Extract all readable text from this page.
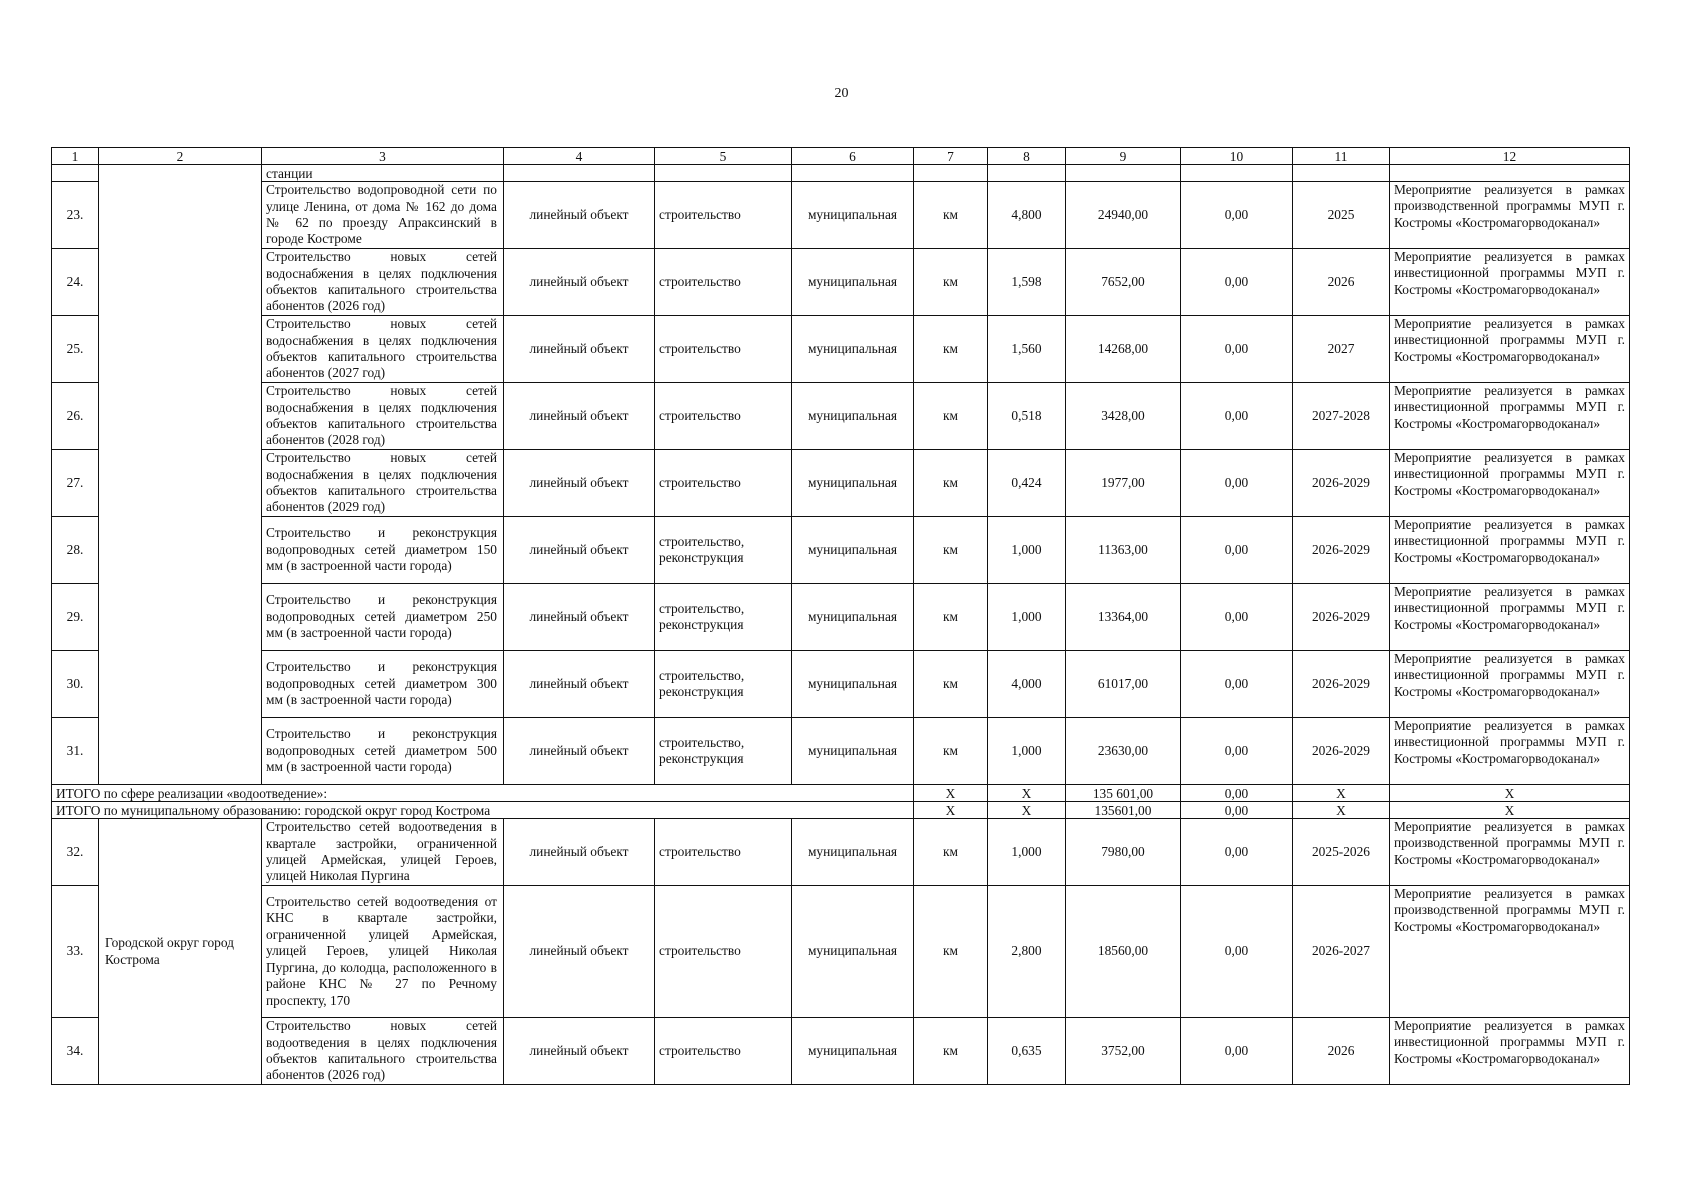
20
1	2	3	4	5	6	7	8	9	10	11	12
		станции									
23.		Строительство водопроводной сети по улице Ленина, от дома № 162 до дома № 62 по проезду Апраксинский в городе Костроме	линейный объект	строительство	муниципальная	км	4,800	24940,00	0,00	2025	Мероприятие реализуется в рамках производственной программы МУП г. Костромы «Костромагорводоканал»
24.		Строительство новых сетей водоснабжения в целях подключения объектов капитального строительства абонентов (2026 год)	линейный объект	строительство	муниципальная	км	1,598	7652,00	0,00	2026	Мероприятие реализуется в рамках инвестиционной программы МУП г. Костромы «Костромагорводоканал»
25.		Строительство новых сетей водоснабжения в целях подключения объектов капитального строительства абонентов (2027 год)	линейный объект	строительство	муниципальная	км	1,560	14268,00	0,00	2027	Мероприятие реализуется в рамках инвестиционной программы МУП г. Костромы «Костромагорводоканал»
26.		Строительство новых сетей водоснабжения в целях подключения объектов капитального строительства абонентов (2028 год)	линейный объект	строительство	муниципальная	км	0,518	3428,00	0,00	2027-2028	Мероприятие реализуется в рамках инвестиционной программы МУП г. Костромы «Костромагорводоканал»
27.		Строительство новых сетей водоснабжения в целях подключения объектов капитального строительства абонентов (2029 год)	линейный объект	строительство	муниципальная	км	0,424	1977,00	0,00	2026-2029	Мероприятие реализуется в рамках инвестиционной программы МУП г. Костромы «Костромагорводоканал»
28.		Строительство и реконструкция водопроводных сетей диаметром 150 мм (в застроенной части города)	линейный объект	строительство, реконструкция	муниципальная	км	1,000	11363,00	0,00	2026-2029	Мероприятие реализуется в рамках инвестиционной программы МУП г. Костромы «Костромагорводоканал»
29.		Строительство и реконструкция водопроводных сетей диаметром 250 мм (в застроенной части города)	линейный объект	строительство, реконструкция	муниципальная	км	1,000	13364,00	0,00	2026-2029	Мероприятие реализуется в рамках инвестиционной программы МУП г. Костромы «Костромагорводоканал»
30.		Строительство и реконструкция водопроводных сетей диаметром 300 мм (в застроенной части города)	линейный объект	строительство, реконструкция	муниципальная	км	4,000	61017,00	0,00	2026-2029	Мероприятие реализуется в рамках инвестиционной программы МУП г. Костромы «Костромагорводоканал»
31.		Строительство и реконструкция водопроводных сетей диаметром 500 мм (в застроенной части города)	линейный объект	строительство, реконструкция	муниципальная	км	1,000	23630,00	0,00	2026-2029	Мероприятие реализуется в рамках инвестиционной программы МУП г. Костромы «Костромагорводоканал»
ИТОГО по сфере реализации «водоотведение»:						Х	Х	135 601,00	0,00	Х	Х
ИТОГО по муниципальному образованию: городской округ город Кострома						Х	Х	135601,00	0,00	Х	Х
32.	Городской округ город Кострома	Строительство сетей водоотведения в квартале застройки, ограниченной улицей Армейская, улицей Героев, улицей Николая Пургина	линейный объект	строительство	муниципальная	км	1,000	7980,00	0,00	2025-2026	Мероприятие реализуется в рамках производственной программы МУП г. Костромы «Костромагорводоканал»
33.		Строительство сетей водоотведения от КНС в квартале застройки, ограниченной улицей Армейская, улицей Героев, улицей Николая Пургина, до колодца, расположенного в районе КНС № 27 по Речному проспекту, 170	линейный объект	строительство	муниципальная	км	2,800	18560,00	0,00	2026-2027	Мероприятие реализуется в рамках производственной программы МУП г. Костромы «Костромагорводоканал»
34.		Строительство новых сетей водоотведения в целях подключения объектов капитального строительства абонентов (2026 год)	линейный объект	строительство	муниципальная	км	0,635	3752,00	0,00	2026	Мероприятие реализуется в рамках инвестиционной программы МУП г. Костромы «Костромагорводоканал»
